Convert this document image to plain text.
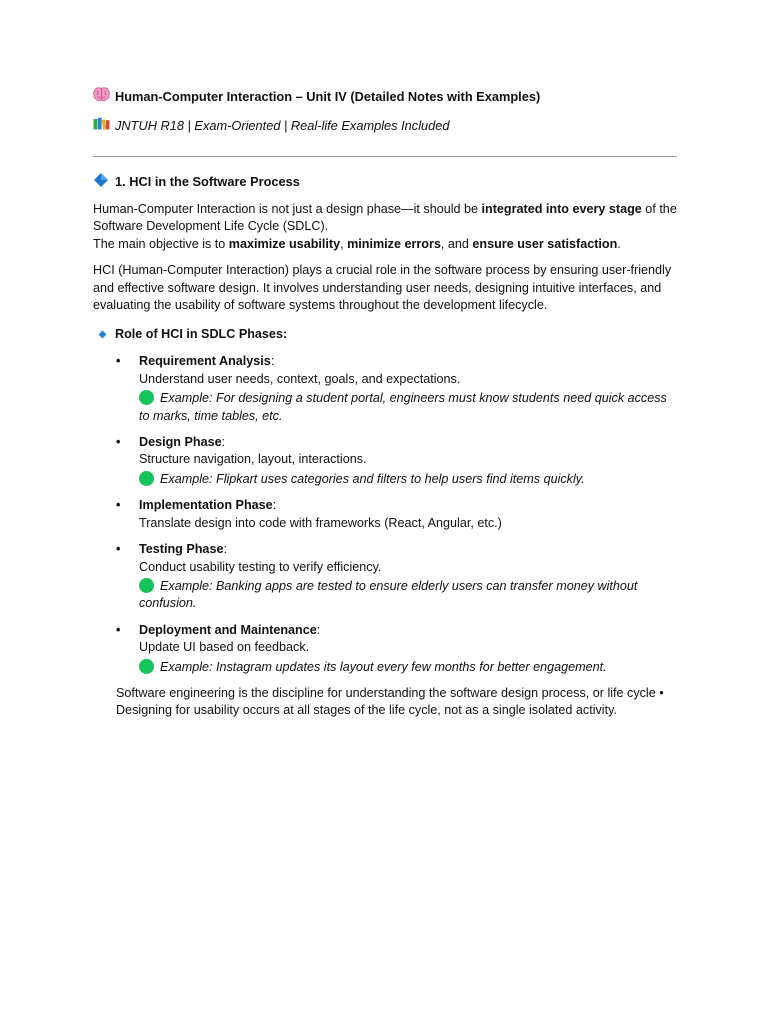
Human-Computer Interaction – Unit IV (Detailed Notes with Examples)
JNTUH R18 | Exam-Oriented | Real-life Examples Included
1. HCI in the Software Process

Human-Computer Interaction is not just a design phase—it should be integrated into every stage of the Software Development Life Cycle (SDLC).
The main objective is to maximize usability, minimize errors, and ensure user satisfaction.

HCI (Human-Computer Interaction) plays a crucial role in the software process by ensuring user-friendly and effective software design. It involves understanding user needs, designing intuitive interfaces, and evaluating the usability of software systems throughout the development lifecycle.

Role of HCI in SDLC Phases:
•	Requirement Analysis:
Understand user needs, context, goals, and expectations.
Example: For designing a student portal, engineers must know students need quick access to marks, time tables, etc.
•	Design Phase:
Structure navigation, layout, interactions.
Example: Flipkart uses categories and filters to help users find items quickly.
•	Implementation Phase:
Translate design into code with frameworks (React, Angular, etc.)
•	Testing Phase:
Conduct usability testing to verify efficiency.
Example: Banking apps are tested to ensure elderly users can transfer money without confusion.
•	Deployment and Maintenance:
Update UI based on feedback.
Example: Instagram updates its layout every few months for better engagement.

Software engineering is the discipline for understanding the software design process, or life cycle • Designing for usability occurs at all stages of the life cycle, not as a single isolated activity.
